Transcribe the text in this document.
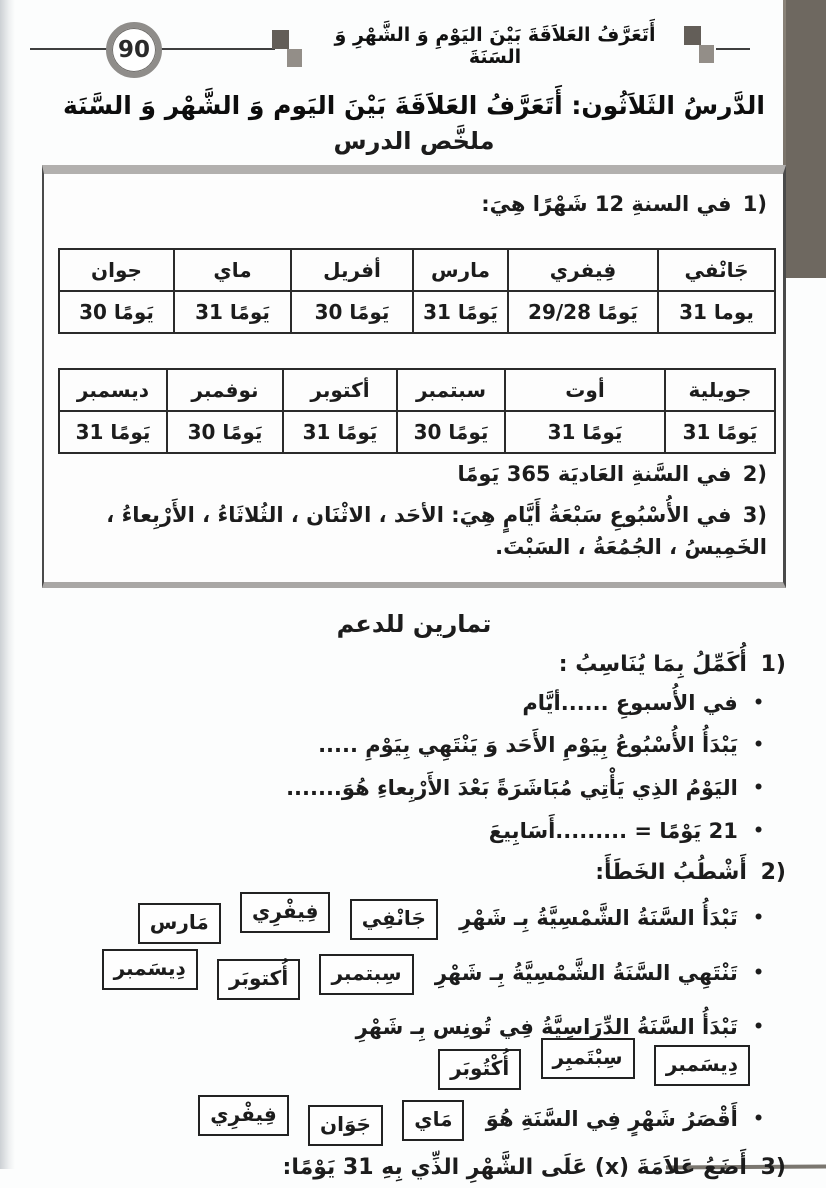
90
أَتَعَرَّفُ العَلاَقَةَ بَيْنَ اليَوْمِ وَ الشَّهْرِ وَ السَنَةَ
الدَّرسُ الثَلاَثُون: أَتَعَرَّفُ العَلاَقَةَ بَيْنَ اليَوم وَ الشَّهْر وَ السَّنَة
ملخَّص الدرس
1) في السنةِ 12 شَهْرًا هِيَ:
جَانْفي	فِيفري	مارس	أفريل	ماي	جوان
31 يوما	29/28 يَومًا	31 يَومًا	30 يَومًا	31 يَومًا	30 يَومًا
جويلية	أوت	سبتمبر	أكتوبر	نوفمبر	ديسمبر
31 يَومًا	31 يَومًا	30 يَومًا	31 يَومًا	30 يَومًا	31 يَومًا
2) في السَّنةِ العَاديَة 365 يَومًا
3) في الأُسْبُوعِ سَبْعَةُ أَيَّامٍ هِيَ: الأحَد ، الاثْنَان ، الثُلاثَاءُ ، الأَرْبِعاءُ ، الخَمِيسُ ، الجُمُعَةُ ، السَبْتَ.
تمارين للدعم
1) أُكَمِّلُ بِمَا يُنَاسِبُ :
• في الأُسبوعِ ......أيَّام
• يَبْدَأُ الأُسْبُوعُ بِيَوْمِ الأَحَد وَ يَنْتَهِي بِيَوْمِ .....
• اليَوْمُ الذِي يَأْتِي مُبَاشَرَةً بَعْدَ الأَرْبِعاءِ هُوَ.......
• 21 يَوْمًا = .........أَسَابِيعَ
2) أَشْطُبُ الخَطَأَ:
• تَبْدَأُ السَّنَةُ الشَّمْسِيَّةُ بِـ شَهْرِ جَانْفِي فِيفْرِي مَارس
• تَنْتَهِي السَّنَةُ الشَّمْسِيَّةُ بِـ شَهْرِ سِبتمبر أُكتوبَر دِيسَمبر
• تَبْدَأُ السَّنَةُ الدِّرَاسِيَّةُ فِي تُونِس بِـ شَهْرِ دِيسَمبر سِبْتَمبِر أُكْتُوبَر
• أَقْصَرُ شَهْرٍ فِي السَّنَةِ هُوَ مَاي جَوَان فِيفْرِي
3) أَضَعُ عَلاَمَةَ (x) عَلَى الشَّهْرِ الذِّي بِهِ 31 يَوْمًا:
